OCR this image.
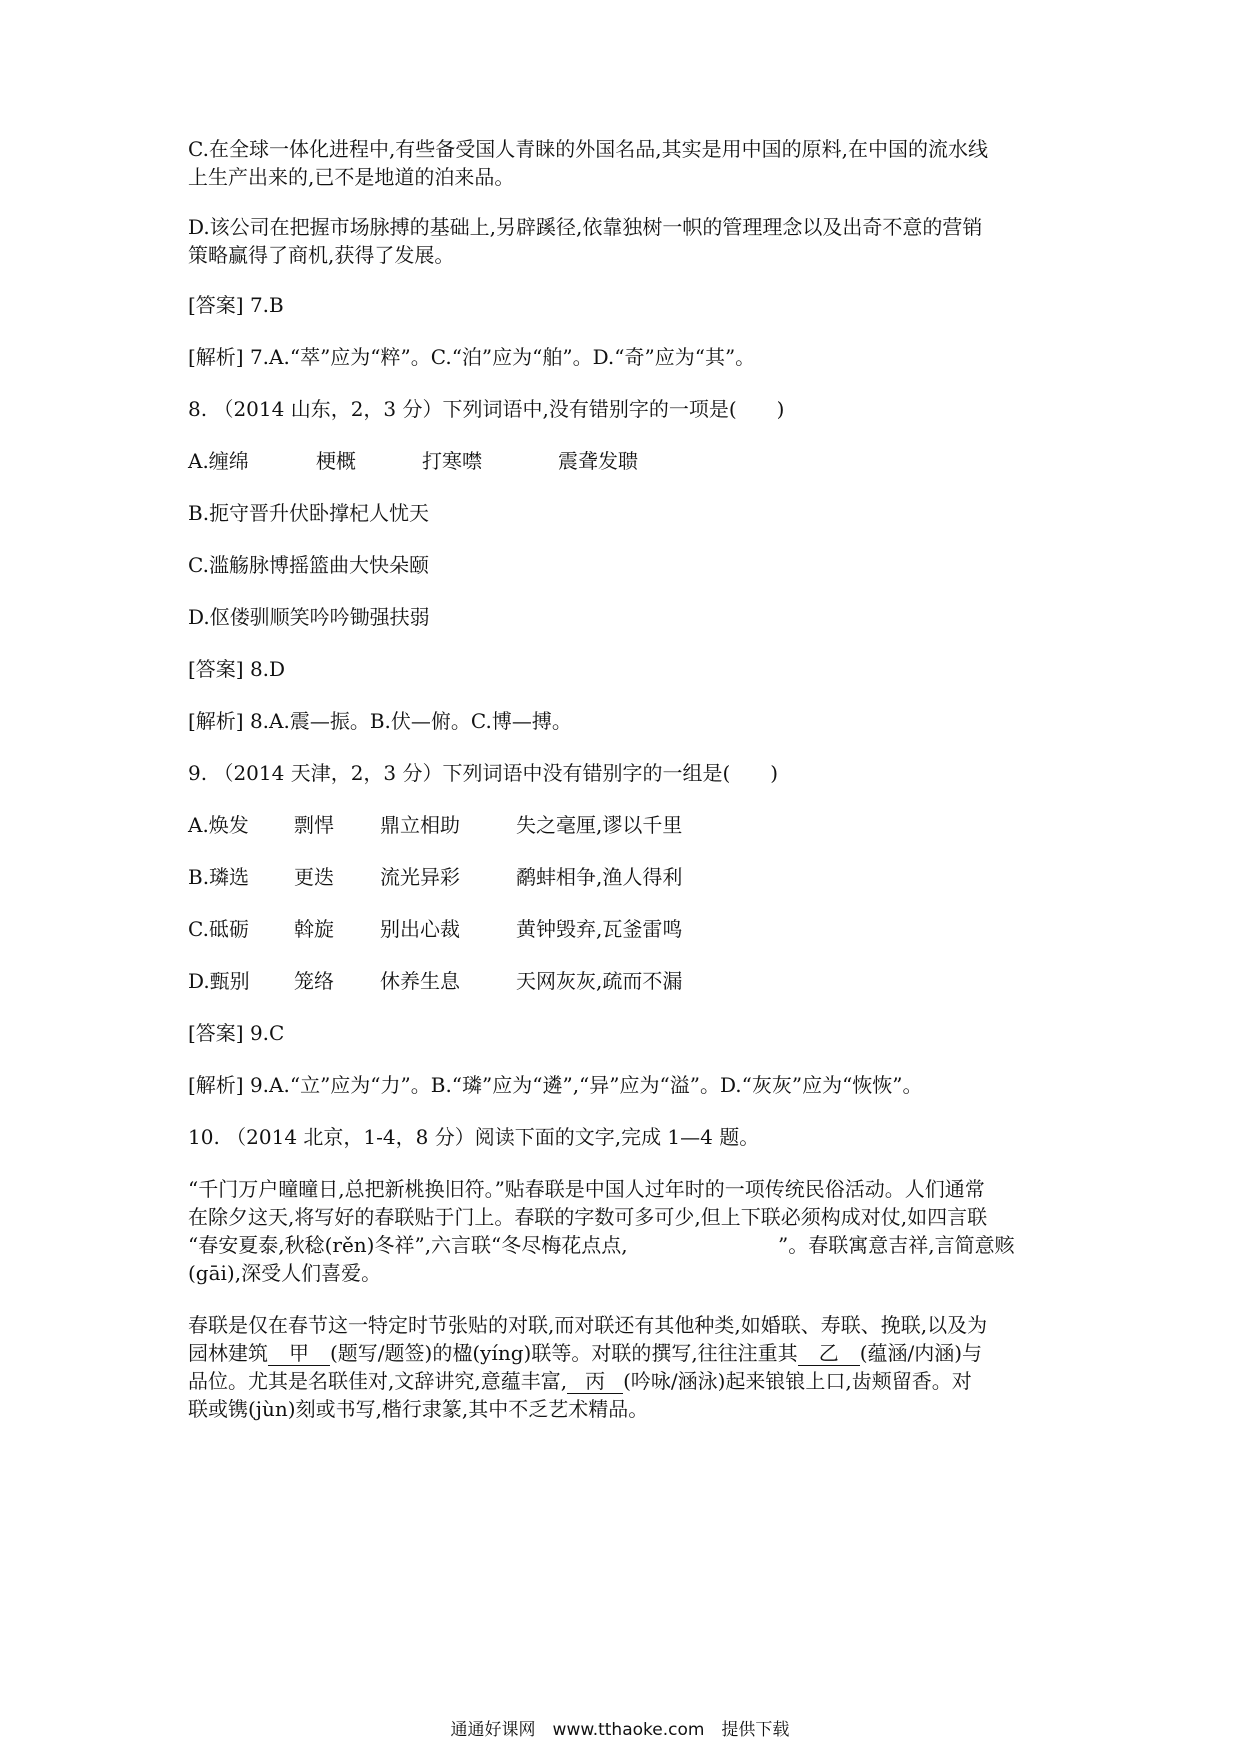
C.在全球一体化进程中,有些备受国人青睐的外国名品,其实是用中国的原料,在中国的流水线
上生产出来的,已不是地道的泊来品。
D.该公司在把握市场脉搏的基础上,另辟蹊径,依靠独树一帜的管理理念以及出奇不意的营销
策略赢得了商机,获得了发展。
[答案] 7.B
[解析] 7.A.“萃”应为“粹”。C.“泊”应为“舶”。D.“奇”应为“其”。
8. （2014 山东，2，3 分）下列词语中,没有错别字的一项是(　　)
A.缠绵	梗概	打寒噤	震聋发聩
B.扼守晋升伏卧撑杞人忧天
C.滥觞脉博摇篮曲大快朵颐
D.伛偻驯顺笑吟吟锄强扶弱
[答案] 8.D
[解析] 8.A.震—振。B.伏—俯。C.博—搏。
9. （2014 天津，2，3 分）下列词语中没有错别字的一组是(　　)
A.焕发 剽悍 鼎立相助	失之毫厘,谬以千里
B.璘选 更迭 流光异彩	鹬蚌相争,渔人得利
C.砥砺 斡旋 别出心裁	黄钟毁弃,瓦釜雷鸣
D.甄别 笼络 休养生息	天网灰灰,疏而不漏
[答案] 9.C
[解析] 9.A.“立”应为“力”。B.“璘”应为“遴”,“异”应为“溢”。D.“灰灰”应为“恢恢”。
10. （2014 北京，1-4，8 分）阅读下面的文字,完成 1—4 题。
“千门万户曈曈日,总把新桃换旧符。”贴春联是中国人过年时的一项传统民俗活动。人们通常
在除夕这天,将写好的春联贴于门上。春联的字数可多可少,但上下联必须构成对仗,如四言联
“春安夏泰,秋稔(rěn)冬祥”,六言联“冬尽梅花点点,	”。春联寓意吉祥,言简意赅
(gāi),深受人们喜爱。
春联是仅在春节这一特定时节张贴的对联,而对联还有其他种类,如婚联、寿联、挽联,以及为
园林建筑 甲 (题写/题签)的楹(yíng)联等。对联的撰写,往往注重其 乙 (蕴涵/内涵)与
品位。尤其是名联佳对,文辞讲究,意蕴丰富, 丙 (吟咏/涵泳)起来锒锒上口,齿颊留香。对
联或镌(jùn)刻或书写,楷行隶篆,其中不乏艺术精品。
通通好课网　www.tthaoke.com　提供下载
